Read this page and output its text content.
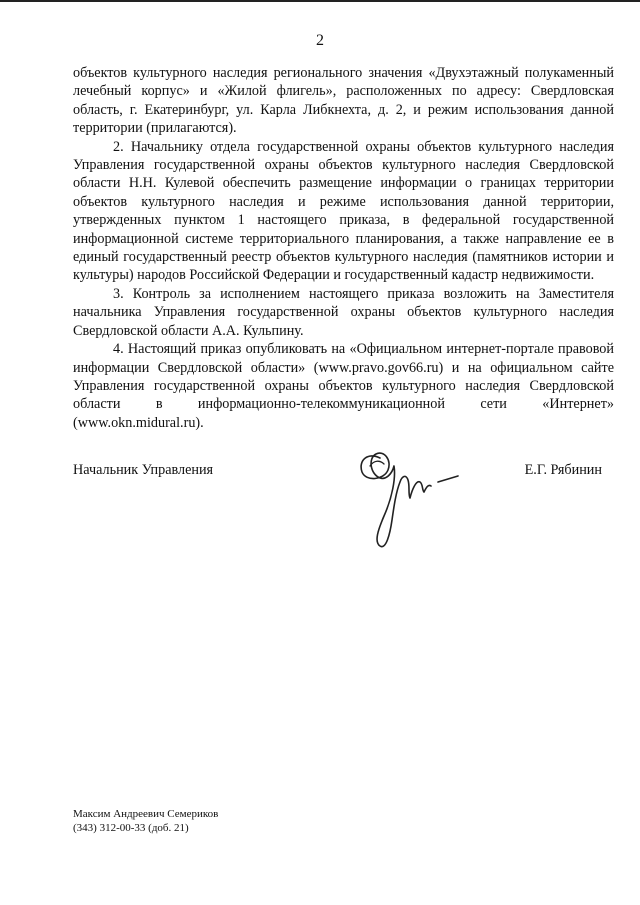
2

объектов культурного наследия регионального значения «Двухэтажный полукаменный лечебный корпус» и «Жилой флигель», расположенных по адресу: Свердловская область, г. Екатеринбург, ул. Карла Либкнехта, д. 2, и режим использования данной территории (прилагаются).

2. Начальнику отдела государственной охраны объектов культурного наследия Управления государственной охраны объектов культурного наследия Свердловской области Н.Н. Кулевой обеспечить размещение информации о границах территории объектов культурного наследия и режиме использования данной территории, утвержденных пунктом 1 настоящего приказа, в федеральной государственной информационной системе территориального планирования, а также направление ее в единый государственный реестр объектов культурного наследия (памятников истории и культуры) народов Российской Федерации и государственный кадастр недвижимости.

3. Контроль за исполнением настоящего приказа возложить на Заместителя начальника Управления государственной охраны объектов культурного наследия Свердловской области А.А. Кульпину.

4. Настоящий приказ опубликовать на «Официальном интернет-портале правовой информации Свердловской области» (www.pravo.gov66.ru) и на официальном сайте Управления государственной охраны объектов культурного наследия Свердловской области в информационно-телекоммуникационной сети «Интернет» (www.okn.midural.ru).

Начальник Управления	Е.Г. Рябинин
Максим Андреевич Семериков
(343) 312-00-33 (доб. 21)
